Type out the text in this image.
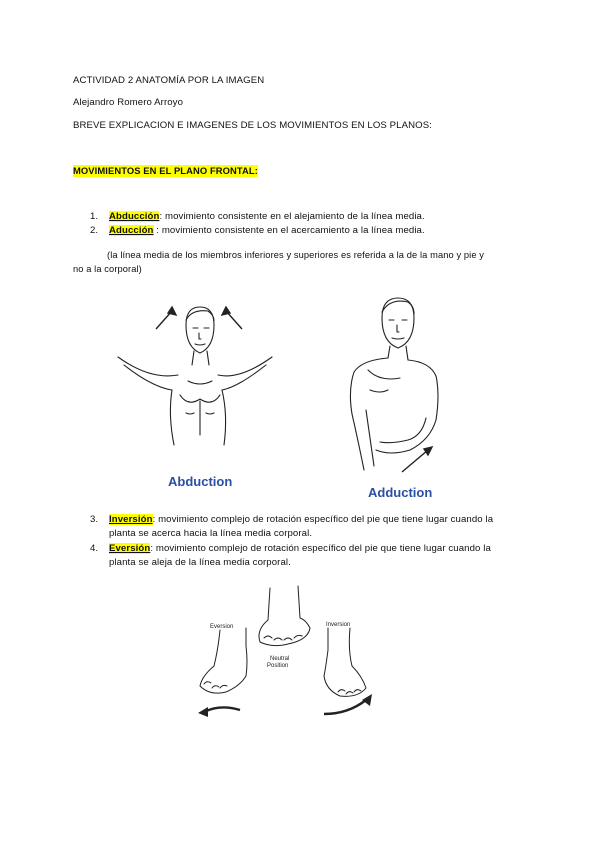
ACTIVIDAD 2 ANATOMÍA POR LA IMAGEN
Alejandro Romero Arroyo
BREVE EXPLICACION E IMAGENES DE LOS MOVIMIENTOS EN LOS PLANOS:
MOVIMIENTOS EN EL PLANO FRONTAL:
1. Abducción: movimiento consistente en el alejamiento de la línea media.
2. Aducción : movimiento consistente en el acercamiento a la línea media.
(la línea media de los miembros inferiores y superiores es referida a la de la mano y pie y
no a la corporal)
Abduction
Adduction
3. Inversión: movimiento complejo de rotación específico del pie que tiene lugar cuando la
planta se acerca hacia la línea media corporal.
4. Eversión: movimiento complejo de rotación específico del pie que tiene lugar cuando la
planta se aleja de la línea media corporal.
Eversion	Inversion
Neutral
Position
